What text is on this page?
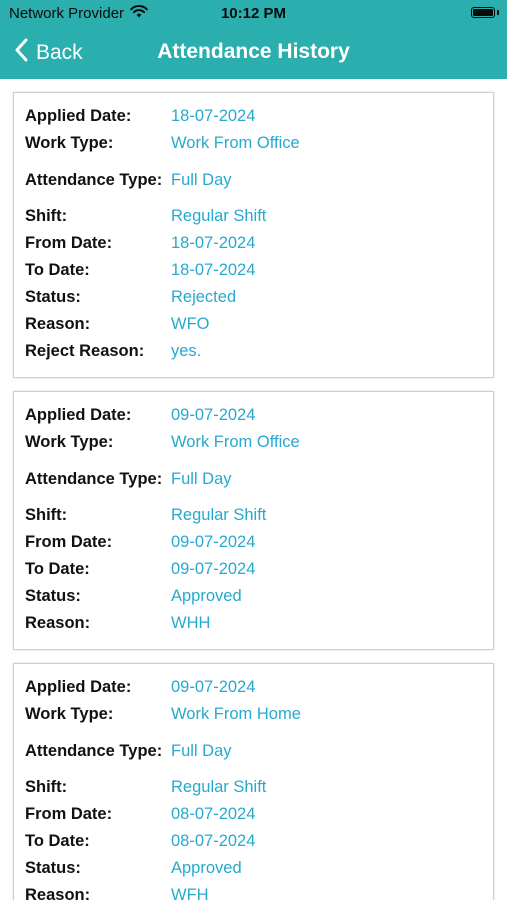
Network Provider	10:12 PM
Back	Attendance History
Applied Date:	18-07-2024
Work Type:	Work From Office
Attendance Type: Full Day
Shift:	Regular Shift
From Date:	18-07-2024
To Date:	18-07-2024
Status:	Rejected
Reason:	WFO
Reject Reason:	yes.
Applied Date:	09-07-2024
Work Type:	Work From Office
Attendance Type: Full Day
Shift:	Regular Shift
From Date:	09-07-2024
To Date:	09-07-2024
Status:	Approved
Reason:	WHH
Applied Date:	09-07-2024
Work Type:	Work From Home
Attendance Type: Full Day
Shift:	Regular Shift
From Date:	08-07-2024
To Date:	08-07-2024
Status:	Approved
Reason:	WFH
